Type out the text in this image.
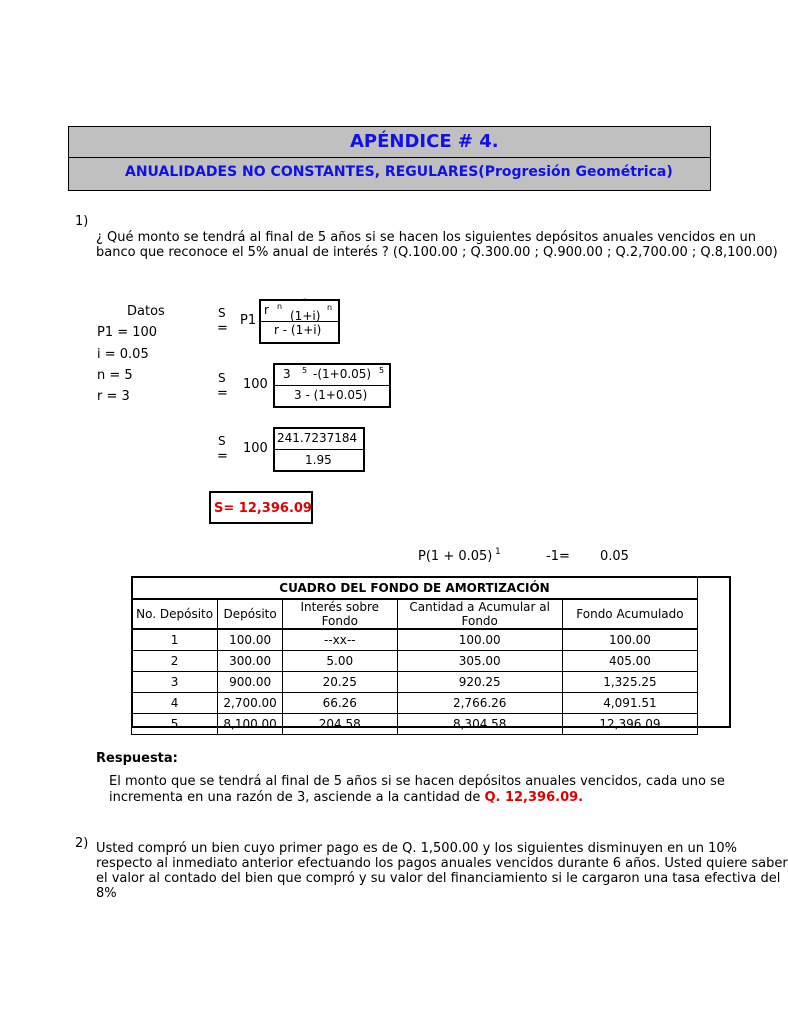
APÉNDICE # 4.
ANUALIDADES NO CONSTANTES, REGULARES(Progresión Geométrica)
1)
¿ Qué monto se tendrá al final de 5 años si se hacen los siguientes depósitos anuales vencidos en un
banco que reconoce el 5% anual de interés ? (Q.100.00 ; Q.300.00 ; Q.900.00 ; Q.2,700.00 ; Q.8,100.00)
Datos
P1 = 100
i = 0.05
n = 5
r = 3
S
=
P1
r n
-
(1+i)
n
r - (1+i)
S
=
100
3 5 -(1+0.05) 5
3 - (1+0.05)
S
=
100
241.7237184
1.95
S= 12,396.09
P(1 + 0.05) 1	-1= 0.05
CUADRO DEL FONDO DE AMORTIZACIÓN				
No. Depósito	Depósito	Interés sobre Fondo	Cantidad a Acumular al Fondo	Fondo Acumulado
1	100.00	--xx--	100.00	100.00
2	300.00	5.00	305.00	405.00
3	900.00	20.25	920.25	1,325.25
4	2,700.00	66.26	2,766.26	4,091.51
5	8,100.00	204.58	8,304.58	12,396.09
Respuesta:
El monto que se tendrá al final de 5 años si se hacen depósitos anuales vencidos, cada uno se
incrementa en una razón de 3, asciende a la cantidad de Q. 12,396.09.
2) Usted compró un bien cuyo primer pago es de Q. 1,500.00 y los siguientes disminuyen en un 10%
respecto al inmediato anterior efectuando los pagos anuales vencidos durante 6 años. Usted quiere saber
el valor al contado del bien que compró y su valor del financiamiento si le cargaron una tasa efectiva del
8%
